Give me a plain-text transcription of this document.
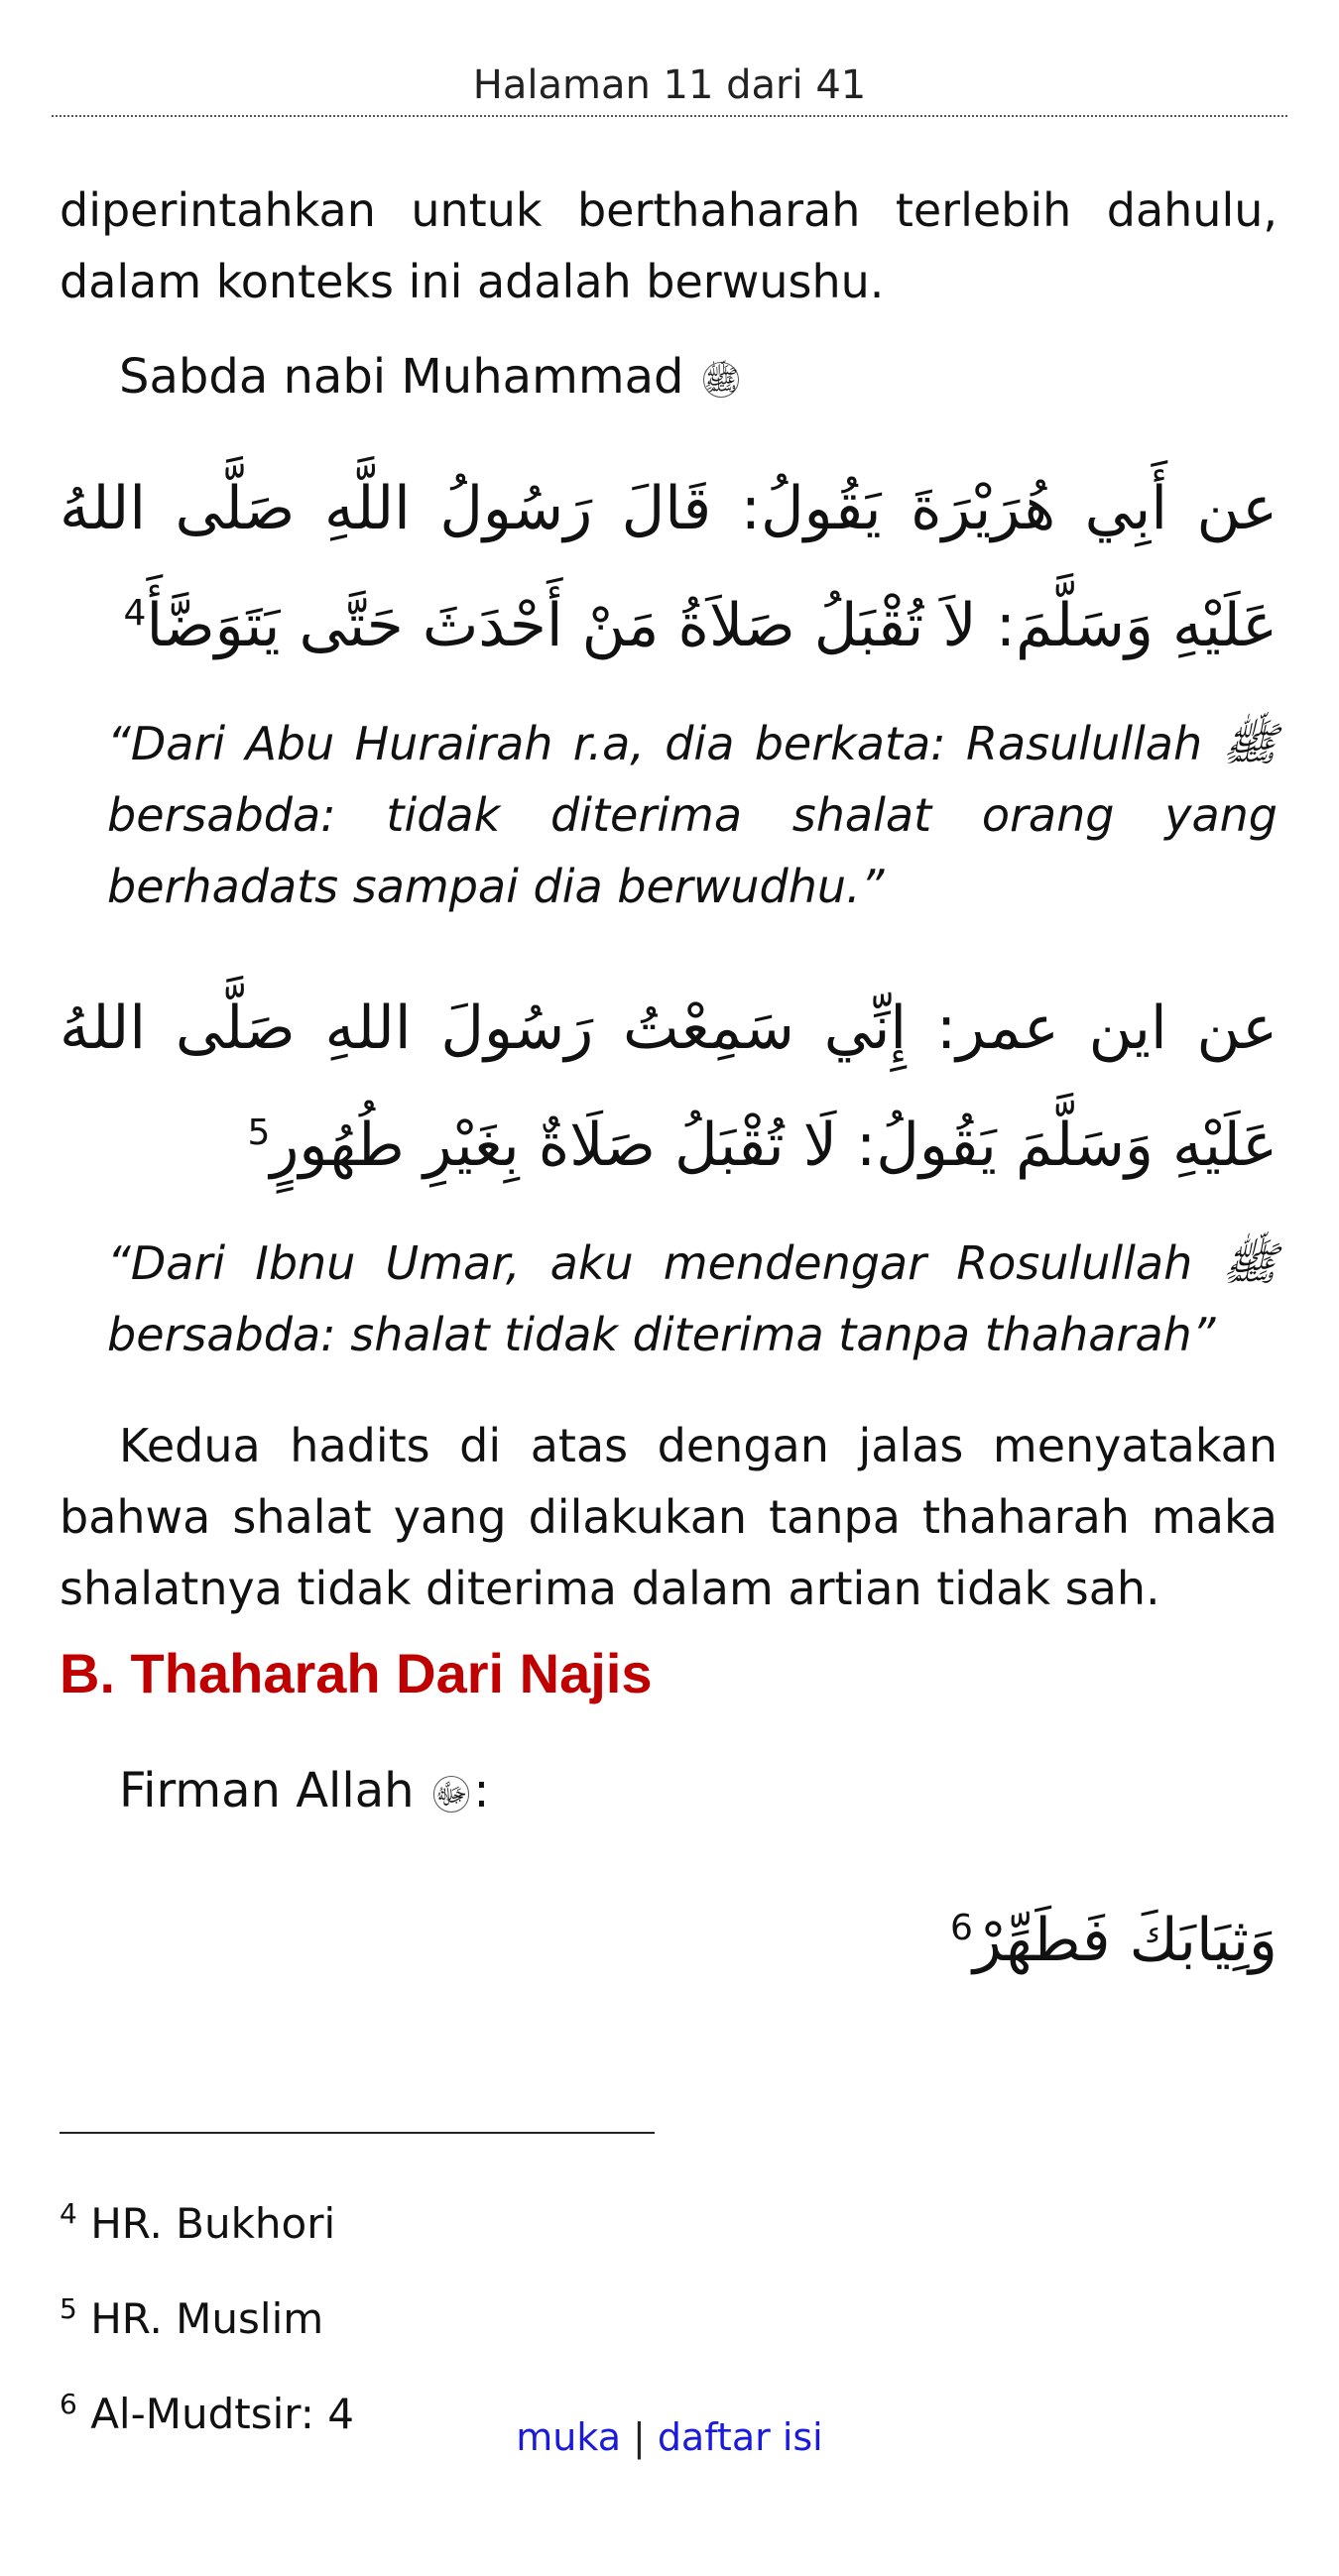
Halaman 11 dari 41

diperintahkan untuk berthaharah terlebih dahulu, dalam konteks ini adalah berwushu.

Sabda nabi Muhammad ﷺ

عن أَبِي هُرَيْرَةَ يَقُولُ: قَالَ رَسُولُ اللَّهِ صَلَّى اللهُ عَلَيْهِ وَسَلَّمَ: لاَ تُقْبَلُ صَلاَةُ مَنْ أَحْدَثَ حَتَّى يَتَوَضَّأَ$^4$

“Dari Abu Hurairah r.a, dia berkata: Rasulullah ﷺ bersabda: tidak diterima shalat orang yang berhadats sampai dia berwudhu.”

عن اين عمر: إِنِّي سَمِعْتُ رَسُولَ اللهِ صَلَّى اللهُ عَلَيْهِ وَسَلَّمَ يَقُولُ: لَا تُقْبَلُ صَلَاةٌ بِغَيْرِ طُهُورٍ$^5$

“Dari Ibnu Umar, aku mendengar Rosulullah ﷺ bersabda: shalat tidak diterima tanpa thaharah”

Kedua hadits di atas dengan jalas menyatakan bahwa shalat yang dilakukan tanpa thaharah maka shalatnya tidak diterima dalam artian tidak sah.

B. Thaharah Dari Najis

Firman Allah ﷻ :

وَثِيَابَكَ فَطَهِّرْ$^6$

$^4$ HR. Bukhori

$^5$ HR. Muslim

$^6$ Al-Mudtsir: 4	muka | daftar isi
